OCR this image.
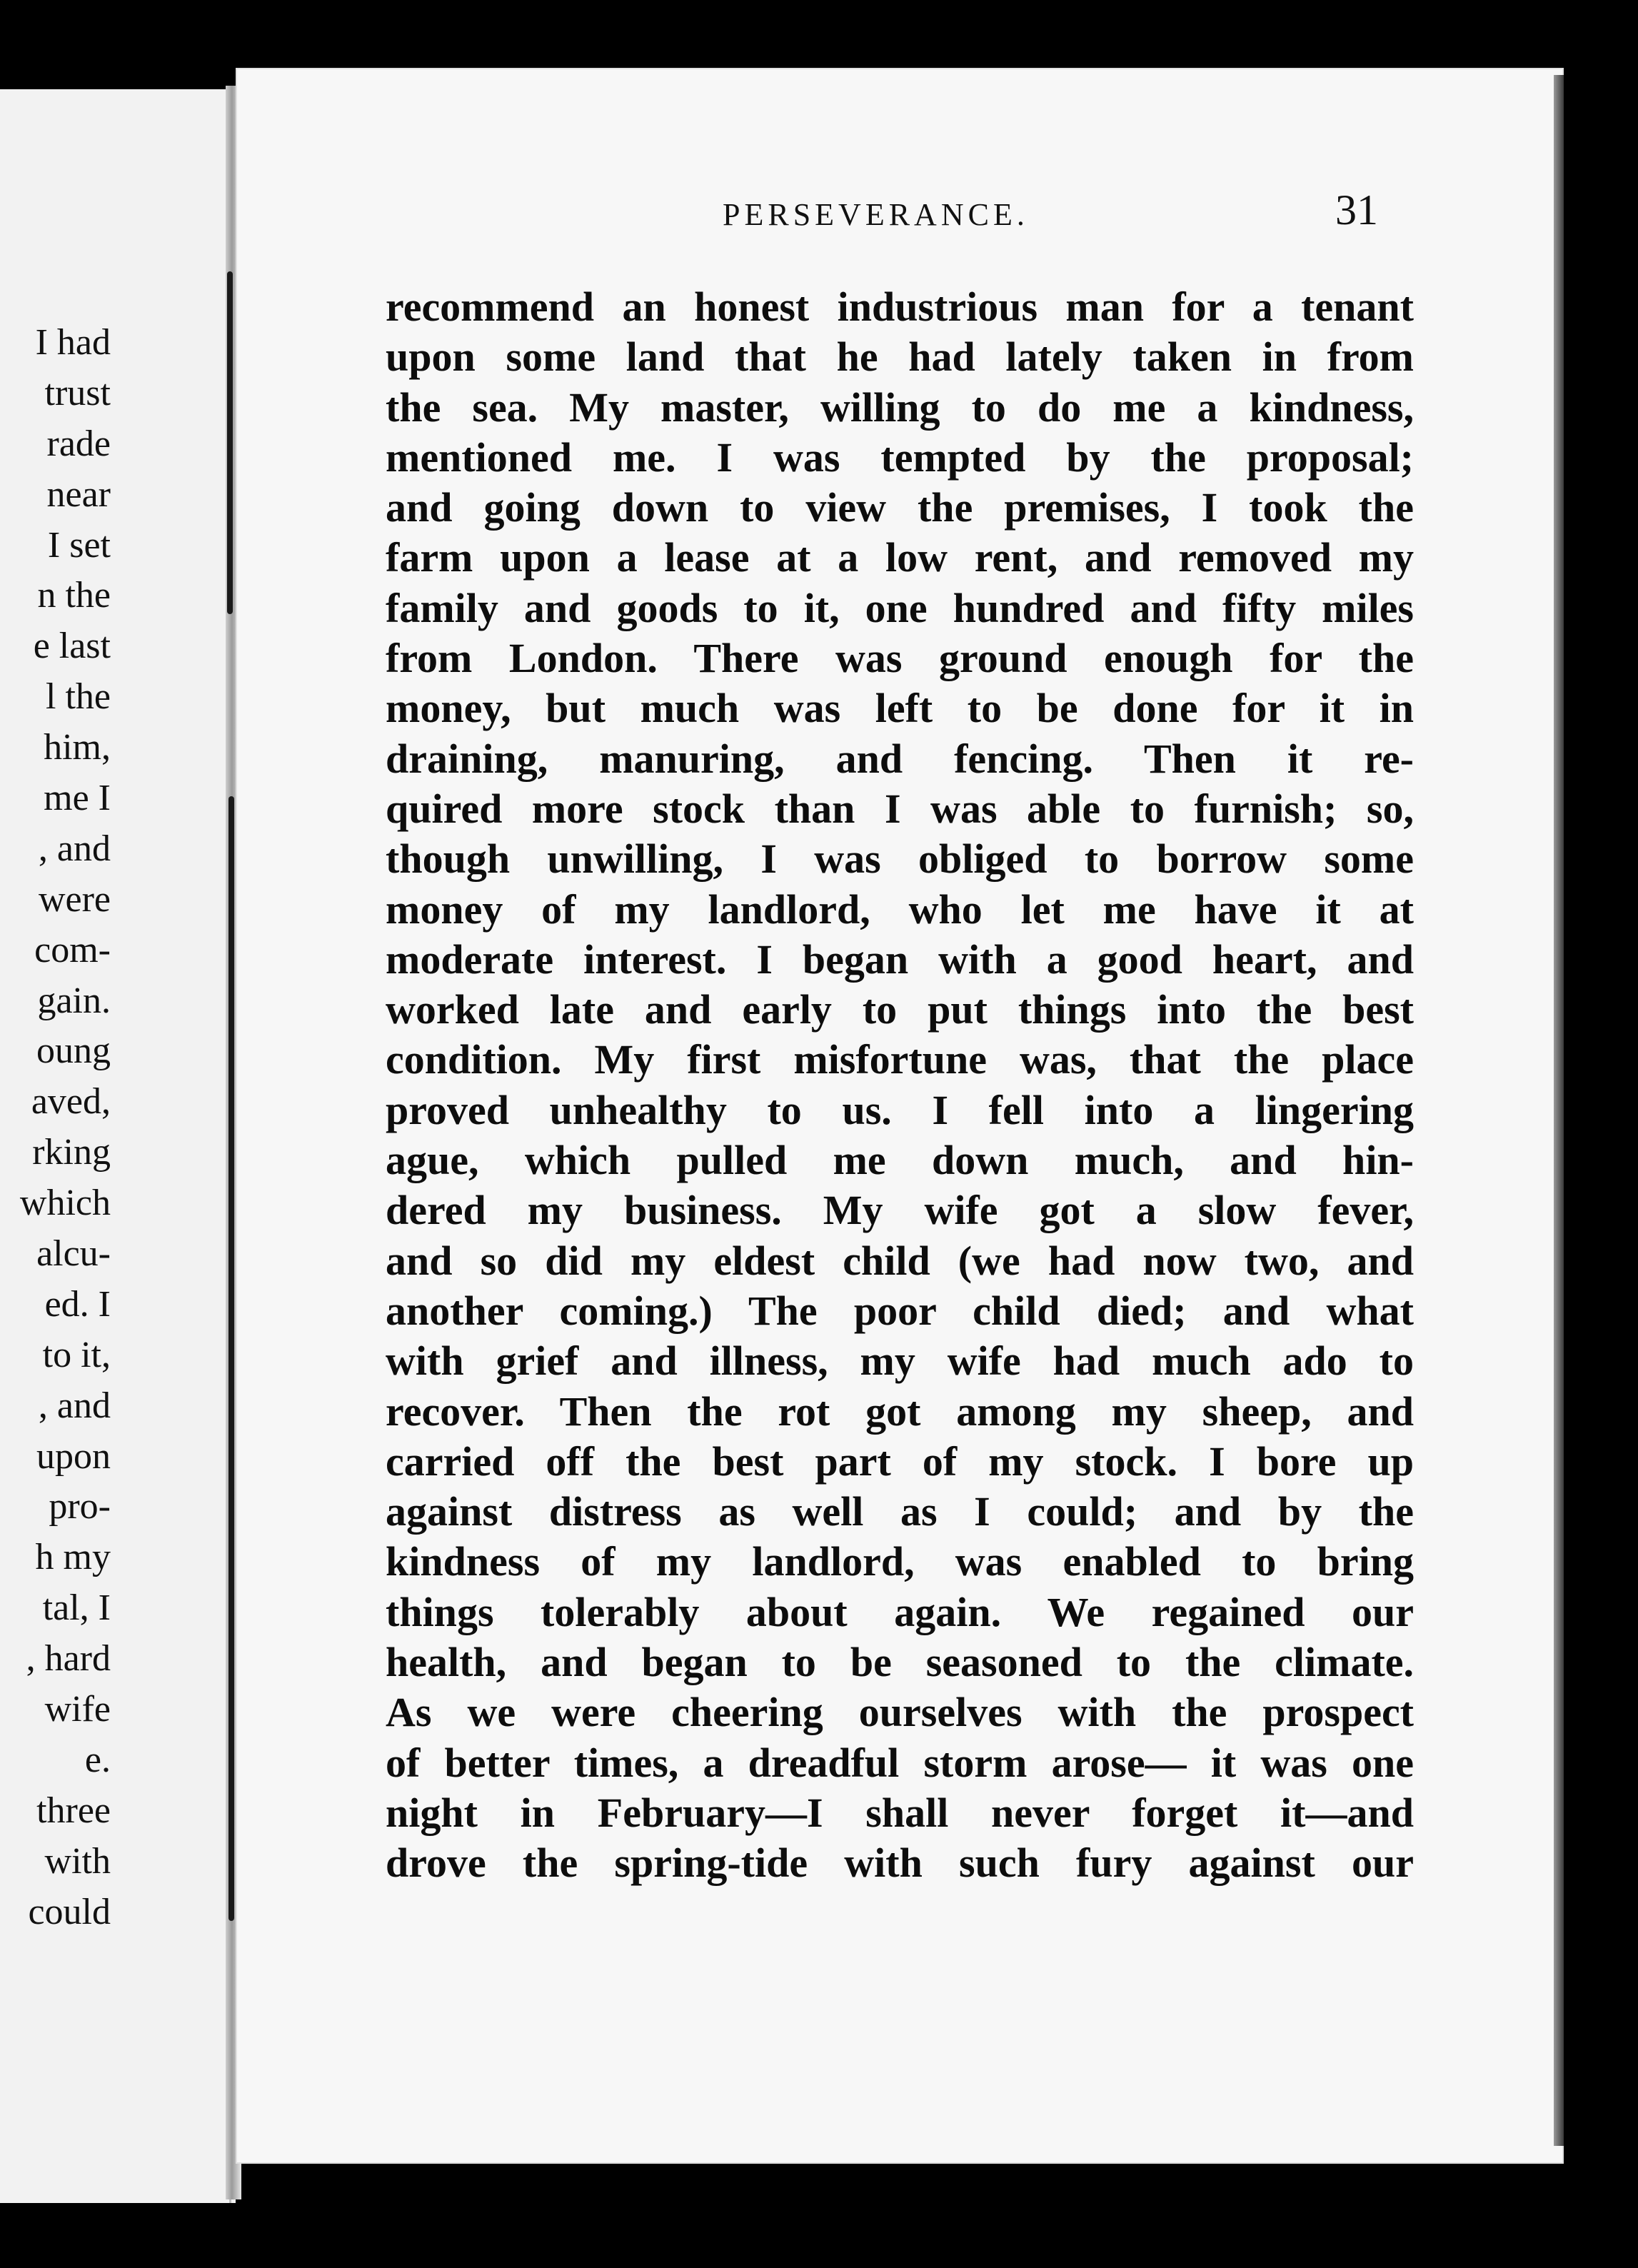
I had
trust
rade
near
I set
n the
e last
l the
him,
me I
, and
were
com-
gain.
oung
aved,
rking
which
alcu-
ed. I
to it,
, and
upon
pro-
h my
tal, I
, hard
wife
e.
three
with
could
PERSEVERANCE.	31
recommend an honest industrious man for a tenant
upon some land that he had lately taken in from
the sea. My master, willing to do me a kindness,
mentioned me. I was tempted by the proposal;
and going down to view the premises, I took the
farm upon a lease at a low rent, and removed my
family and goods to it, one hundred and fifty miles
from London. There was ground enough for the
money, but much was left to be done for it in
draining, manuring, and fencing. Then it re-
quired more stock than I was able to furnish; so,
though unwilling, I was obliged to borrow some
money of my landlord, who let me have it at
moderate interest. I began with a good heart, and
worked late and early to put things into the best
condition. My first misfortune was, that the place
proved unhealthy to us. I fell into a lingering
ague, which pulled me down much, and hin-
dered my business. My wife got a slow fever,
and so did my eldest child (we had now two, and
another coming.) The poor child died; and what
with grief and illness, my wife had much ado to
recover. Then the rot got among my sheep, and
carried off the best part of my stock. I bore up
against distress as well as I could; and by the
kindness of my landlord, was enabled to bring
things tolerably about again. We regained our
health, and began to be seasoned to the climate.
As we were cheering ourselves with the prospect
of better times, a dreadful storm arose— it was one
night in February—I shall never forget it—and
drove the spring-tide with such fury against our
